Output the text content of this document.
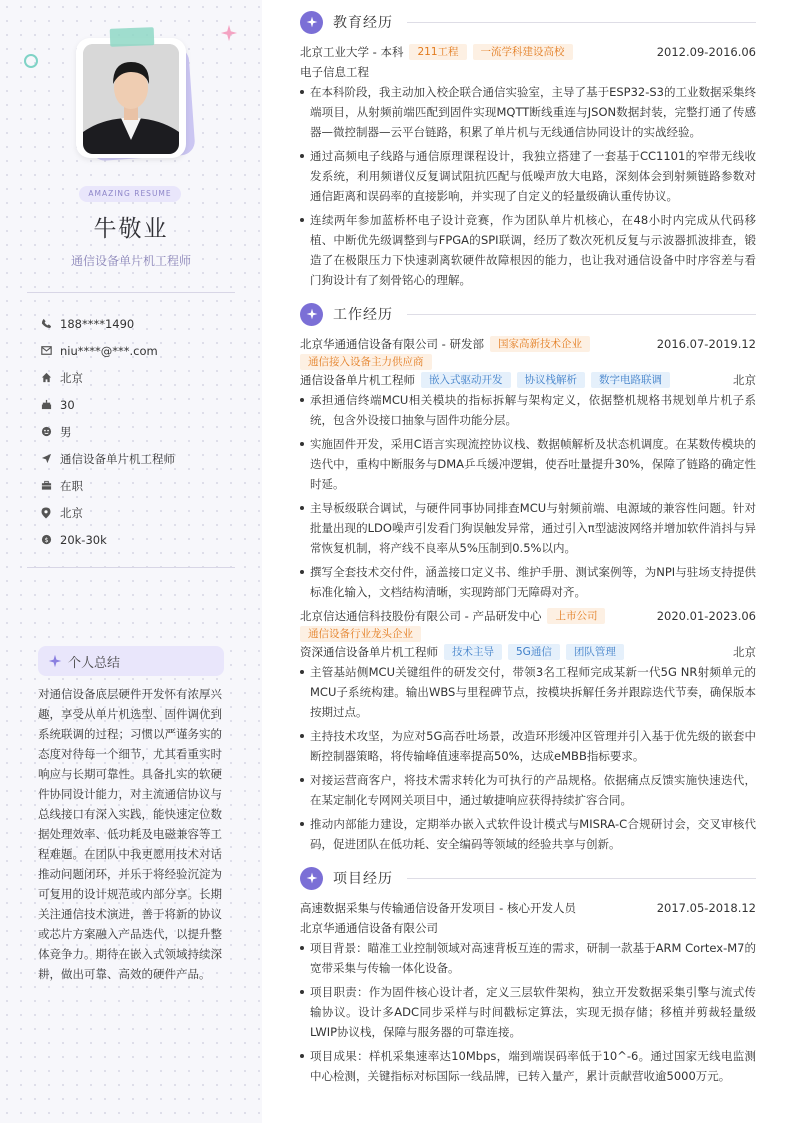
AMAZING RESUME
牛敬业
通信设备单片机工程师
188****1490
niu****@***.com
北京
30
男
通信设备单片机工程师
在职
北京
$ 20k-30k
个人总结
对通信设备底层硬件开发怀有浓厚兴趣，享受从单片机选型、固件调优到系统联调的过程；习惯以严谨务实的态度对待每一个细节，尤其看重实时响应与长期可靠性。具备扎实的软硬件协同设计能力，对主流通信协议与总线接口有深入实践，能快速定位数据处理效率、低功耗及电磁兼容等工程难题。在团队中我更愿用技术对话推动问题闭环，并乐于将经验沉淀为可复用的设计规范或内部分享。长期关注通信技术演进，善于将新的协议或芯片方案融入产品迭代，以提升整体竞争力。期待在嵌入式领域持续深耕，做出可靠、高效的硬件产品。
教育经历
北京工业大学 - 本科	211工程	一流学科建设高校	2012.09-2016.06
电子信息工程
在本科阶段，我主动加入校企联合通信实验室，主导了基于ESP32-S3的工业数据采集终端项目，从射频前端匹配到固件实现MQTT断线重连与JSON数据封装，完整打通了传感器—微控制器—云平台链路，积累了单片机与无线通信协同设计的实战经验。
通过高频电子线路与通信原理课程设计，我独立搭建了一套基于CC1101的窄带无线收发系统，利用频谱仪反复调试阻抗匹配与低噪声放大电路，深刻体会到射频链路参数对通信距离和误码率的直接影响，并实现了自定义的轻量级确认重传协议。
连续两年参加蓝桥杯电子设计竞赛，作为团队单片机核心，在48小时内完成从代码移植、中断优先级调整到与FPGA的SPI联调，经历了数次死机反复与示波器抓波排查，锻造了在极限压力下快速剥离软硬件故障根因的能力，也让我对通信设备中时序容差与看门狗设计有了刻骨铭心的理解。
工作经历
北京华通通信设备有限公司 - 研发部	国家高新技术企业	2016.07-2019.12
通信接入设备主力供应商
通信设备单片机工程师	嵌入式驱动开发	协议栈解析	数字电路联调	北京
承担通信终端MCU相关模块的指标拆解与架构定义，依据整机规格书规划单片机子系统，包含外设接口抽象与固件功能分层。
实施固件开发，采用C语言实现流控协议栈、数据帧解析及状态机调度。在某数传模块的迭代中，重构中断服务与DMA乒乓缓冲逻辑，使吞吐量提升30%，保障了链路的确定性时延。
主导板级联合调试，与硬件同事协同排查MCU与射频前端、电源域的兼容性问题。针对批量出现的LDO噪声引发看门狗误触发异常，通过引入π型滤波网络并增加软件消抖与异常恢复机制，将产线不良率从5%压制到0.5%以内。
撰写全套技术交付件，涵盖接口定义书、维护手册、测试案例等，为NPI与驻场支持提供标准化输入，文档结构清晰，实现跨部门无障碍对齐。
北京信达通信科技股份有限公司 - 产品研发中心	上市公司	2020.01-2023.06
通信设备行业龙头企业
资深通信设备单片机工程师	技术主导	5G通信	团队管理	北京
主管基站侧MCU关键组件的研发交付，带领3名工程师完成某新一代5G NR射频单元的MCU子系统构建。输出WBS与里程碑节点，按模块拆解任务并跟踪迭代节奏，确保版本按期过点。
主持技术攻坚，为应对5G高吞吐场景，改造环形缓冲区管理并引入基于优先级的嵌套中断控制器策略，将传输峰值速率提高50%，达成eMBB指标要求。
对接运营商客户，将技术需求转化为可执行的产品规格。依据痛点反馈实施快速迭代，在某定制化专网网关项目中，通过敏捷响应获得持续扩容合同。
推动内部能力建设，定期举办嵌入式软件设计模式与MISRA-C合规研讨会，交叉审核代码，促进团队在低功耗、安全编码等领域的经验共享与创新。
项目经历
高速数据采集与传输通信设备开发项目 - 核心开发人员	2017.05-2018.12
北京华通通信设备有限公司
项目背景：瞄准工业控制领域对高速背板互连的需求，研制一款基于ARM Cortex-M7的宽带采集与传输一体化设备。
项目职责：作为固件核心设计者，定义三层软件架构，独立开发数据采集引擎与流式传输协议。设计多ADC同步采样与时间戳标定算法，实现无损存储；移植并剪裁轻量级LWIP协议栈，保障与服务器的可靠连接。
项目成果：样机采集速率达10Mbps，端到端误码率低于10^-6。通过国家无线电监测中心检测，关键指标对标国际一线品牌，已转入量产，累计贡献营收逾5000万元。
